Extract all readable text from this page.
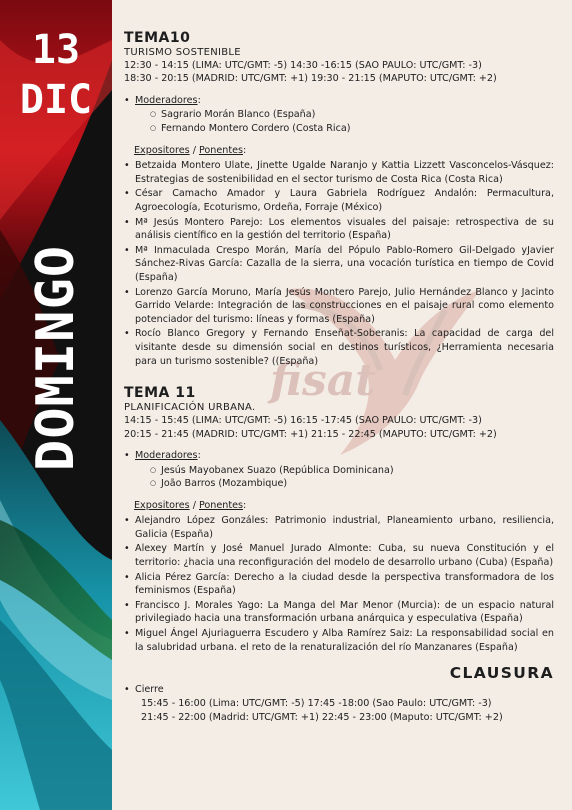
13
DIC
DOMINGO	fisat
TEMA10
TURISMO SOSTENIBLE
12:30 - 14:15 (LIMA: UTC/GMT: -5) 14:30 -16:15 (SAO PAULO: UTC/GMT: -3)
18:30 - 20:15 (MADRID: UTC/GMT: +1) 19:30 - 21:15 (MAPUTO: UTC/GMT: +2)
• Moderadores:
○ Sagrario Morán Blanco (España)
○ Fernando Montero Cordero (Costa Rica)
Expositores / Ponentes:
• Betzaida Montero Ulate, Jinette Ugalde Naranjo y Kattia Lizzett Vasconcelos-Vásquez: Estrategias de sostenibilidad en el sector turismo de Costa Rica (Costa Rica)
• César Camacho Amador y Laura Gabriela Rodríguez Andalón: Permacultura, Agroecología, Ecoturismo, Ordeña, Forraje (México)
• Mª Jesús Montero Parejo: Los elementos visuales del paisaje: retrospectiva de su análisis científico en la gestión del territorio (España)
• Mª Inmaculada Crespo Morán, María del Pópulo Pablo-Romero Gil-Delgado yJavier Sánchez-Rivas García: Cazalla de la sierra, una vocación turística en tiempo de Covid (España)
• Lorenzo García Moruno, María Jesús Montero Parejo, Julio Hernández Blanco y Jacinto Garrido Velarde: Integración de las construcciones en el paisaje rural como elemento potenciador del turismo: líneas y formas (España)
• Rocío Blanco Gregory y Fernando Enseñat-Soberanis: La capacidad de carga del visitante desde su dimensión social en destinos turísticos, ¿Herramienta necesaria para un turismo sostenible? ((España)
TEMA 11
PLANIFICACIÓN URBANA.
14:15 - 15:45 (LIMA: UTC/GMT: -5) 16:15 -17:45 (SAO PAULO: UTC/GMT: -3)
20:15 - 21:45 (MADRID: UTC/GMT: +1) 21:15 - 22:45 (MAPUTO: UTC/GMT: +2)
• Moderadores:
○ Jesús Mayobanex Suazo (República Dominicana)
○ João Barros (Mozambique)
Expositores / Ponentes:
• Alejandro López Gonzáles: Patrimonio industrial, Planeamiento urbano, resiliencia, Galicia (España)
• Alexey Martín y José Manuel Jurado Almonte: Cuba, su nueva Constitución y el territorio: ¿hacia una reconfiguración del modelo de desarrollo urbano (Cuba) (España)
• Alicia Pérez García: Derecho a la ciudad desde la perspectiva transformadora de los feminismos (España)
• Francisco J. Morales Yago: La Manga del Mar Menor (Murcia): de un espacio natural privilegiado hacia una transformación urbana anárquica y especulativa (España)
• Miguel Ángel Ajuriaguerra Escudero y Alba Ramírez Saiz: La responsabilidad social en la salubridad urbana. el reto de la renaturalización del río Manzanares (España)
CLAUSURA
• Cierre
15:45 - 16:00 (Lima: UTC/GMT: -5) 17:45 -18:00 (Sao Paulo: UTC/GMT: -3)
21:45 - 22:00 (Madrid: UTC/GMT: +1) 22:45 - 23:00 (Maputo: UTC/GMT: +2)
